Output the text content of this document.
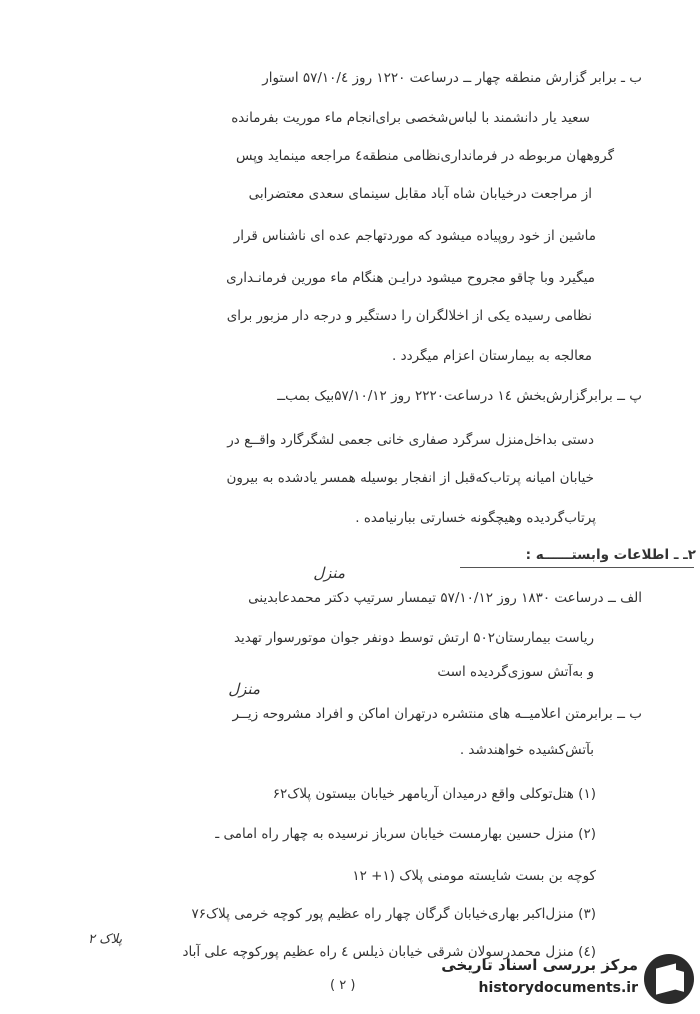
ب ـ برابر گزارش منطقه چهار ــ درساعت ۱۲۲۰ روز ۵۷/۱۰/٤ استوار
سعید یار دانشمند با لباس‌شخصی برای‌انجام ماء موریت بفرمانده
گروههان مربوطه در فرمانداری‌نظامی منطقه٤ مراجعه مینماید وپس
از مراجعت درخیابان شاه آباد مقابل سینمای سعدی معتضرابی
ماشین از خود روپیاده میشود که موردتهاجم عده ای ناشناس قرار
میگیرد وبا چاقو مجروح میشود درایـن هنگام ماء مورین فرمانـداری
نظامی رسیده یکی از اخلالگران را دستگیر و درجه دار مزبور برای
معالجه به بیمارستان اعزام میگردد .
پ ــ برابرگزارش‌بخش ١٤ درساعت۲۲۲۰ روز ۵۷/۱۰/۱۲بیک بمب‌ــ
دستی بداخل‌منزل سرگرد صفاری خانی جعمی لشگرگارد واقــع در
خیابان امیانه پرتاب‌که‌قبل از انفجار بوسیله همسر یادشده به بیرون
پرتاب‌گردیده وهیچگونه خسارتی ببارنیامده .
۲ـ ـ اطلاعات وابستــــــه :
منزل
الف ــ درساعت ۱۸۳۰ روز ۵۷/۱۰/۱۲ تیمسار سرتیپ دکتر محمدعابدینی
ریاست بیمارستان۵۰۲ ارتش توسط دونفر جوان موتورسوار تهدید
و به‌آتش سوزی‌گردیده است
منزل
ب ــ برابرمتن اعلامیــه های منتشره درتهران اماکن و افراد مشروحه زیــر
بآتش‌کشیده خواهندشد .
(۱) هتل‌توکلی واقع درمیدان آریامهر خیابان بیستون پلاک۶۲
(۲) منزل حسین بهارمست خیابان سرباز نرسیده به چهار راه امامی ـ
کوچه بن بست شایسته مومنی پلاک (۱+ ۱۲
(۳) منزل‌اکبر بهاری‌خیابان گرگان چهار راه عظیم پور کوچه خرمی پلاک۷۶
(٤) منزل محمدرسولان شرقی خیابان ذیلس ٤ راه عظیم پورکوچه علی آباد
پلاک ۲
( ۲ )
مرکز بررسی اسناد تاریخی
historydocuments.ir
